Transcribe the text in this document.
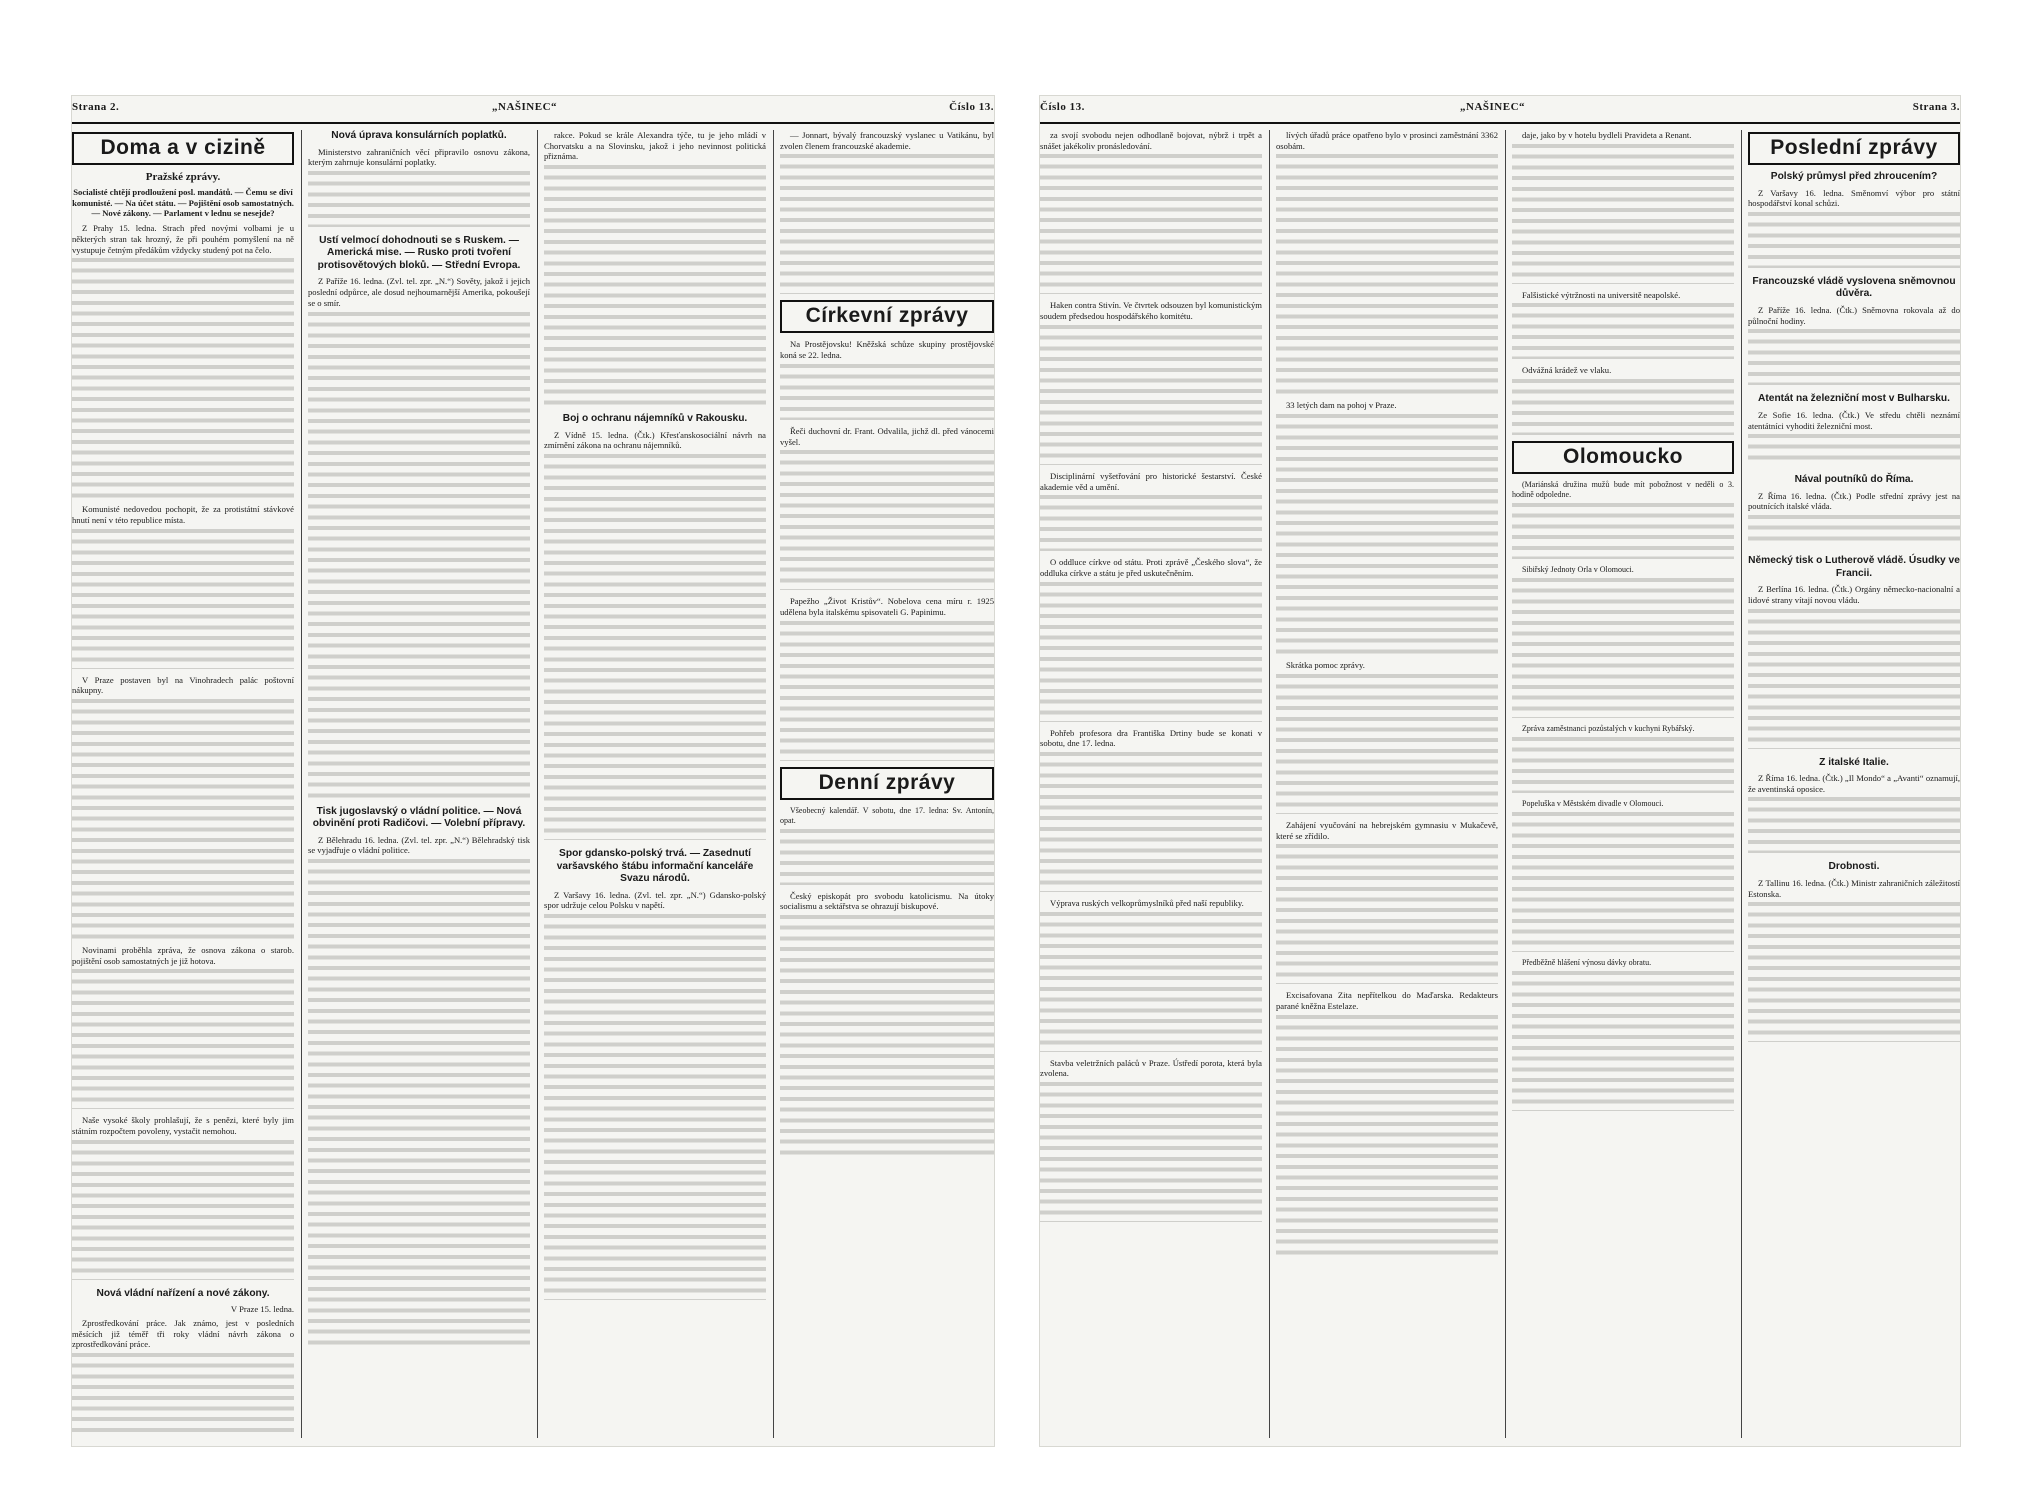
Strana 2.	„NAŠINEC“	Číslo 13.
Doma a v cizině
Pražské zprávy.

Socialisté chtějí prodloužení posl. mandátů. — Čemu se diví komunisté. — Na účet státu. — Pojištění osob samostatných. — Nové zákony. — Parlament v lednu se nesejde?

Z Prahy 15. ledna. Strach před novými volbami je u některých stran tak hrozný, že při pouhém pomyšlení na ně vystupuje četným předákům vždycky studený pot na čelo.

Komunisté nedovedou pochopit, že za protistátní stávkové hnutí není v této republice místa.

V Praze postaven byl na Vinohradech palác poštovní nákupny.

Novinami proběhla zpráva, že osnova zákona o starob. pojištění osob samostatných je již hotova.

Naše vysoké školy prohlašují, že s penězi, které byly jim státním rozpočtem povoleny, vystačit nemohou.

Nová vládní nařízení a nové zákony.

V Praze 15. ledna.

Zprostředkování práce. Jak známo, jest v posledních měsících již téměř tři roky vládní návrh zákona o zprostředkování práce.

Nová úprava konsulárních poplatků.

Ministerstvo zahraničních věcí připravilo osnovu zákona, kterým zahrnuje konsulární poplatky.

Ustí velmocí dohodnouti se s Ruskem. — Americká mise. — Rusko proti tvoření protisovětových bloků. — Střední Evropa.

Z Paříže 16. ledna. (Zvl. tel. zpr. „N.“) Sověty, jakož i jejich poslední odpůrce, ale dosud nejhoumarnější Amerika, pokoušejí se o smír.

Tisk jugoslavský o vládní politice. — Nová obvinění proti Radičovi. — Volební přípravy.

Z Bělehradu 16. ledna. (Zvl. tel. zpr. „N.“) Bělehradský tisk se vyjadřuje o vládní politice.

rakce. Pokud se krále Alexandra týče, tu je jeho mládí v Chorvatsku a na Slovinsku, jakož i jeho nevinnost politická přiznáma.

Boj o ochranu nájemníků v Rakousku.

Z Vídně 15. ledna. (Čtk.) Křesťanskosociální návrh na zmírnění zákona na ochranu nájemníků.

Spor gdansko-polský trvá. — Zasednutí varšavského štábu informační kanceláře Svazu národů.

Z Varšavy 16. ledna. (Zvl. tel. zpr. „N.“) Gdansko-polský spor udržuje celou Polsku v napětí.

— Jonnart, bývalý francouzský vyslanec u Vatikánu, byl zvolen členem francouzské akademie.

Církevní zprávy

Na Prostějovsku! Kněžská schůze skupiny prostějovské koná se 22. ledna.

Řeči duchovní dr. Frant. Odvalila, jichž dl. před vánocemi vyšel.

Papežho „Život Kristův“. Nobelova cena míru r. 1925 udělena byla italskému spisovateli G. Papinimu.

Denní zprávy

Všeobecný kalendář. V sobotu, dne 17. ledna: Sv. Antonín, opat.

Český episkopát pro svobodu katolicismu. Na útoky socialismu a sektářstva se ohrazují biskupové.

Číslo 13.	„NAŠINEC“	Strana 3.

za svojí svobodu nejen odhodlaně bojovat, nýbrž i trpět a snášet jakékoliv pronásledování.

Haken contra Stivín. Ve čtvrtek odsouzen byl komunistickým soudem předsedou hospodářského komitétu.

Disciplinární vyšetřování pro historické šestarství. České akademie věd a umění.

O oddluce církve od státu. Proti zprávě „Českého slova“, že oddluka církve a státu je před uskutečněním.

Pohřeb profesora dra Františka Drtiny bude se konati v sobotu, dne 17. ledna.

Výprava ruských velkoprůmyslníků před naší republiky.

Stavba veletržních paláců v Praze. Ústředí porota, která byla zvolena.

lívých úřadů práce opatřeno bylo v prosinci zaměstnání 3362 osobám.

33 letých dam na pohoj v Praze.

Skrátka pomoc zprávy.

Zahájení vyučování na hebrejském gymnasiu v Mukačevě, které se zřídilo.

Excisafovana Zita nepřítelkou do Maďarska. Redakteurs parané kněžna Estelaze.

daje, jako by v hotelu bydleli Pravideta a Renant.

Falšistické výtržnosti na universitě neapolské.

Odvážná krádež ve vlaku.

Olomoucko

(Mariánská družina mužů bude mít pobožnost v neděli o 3. hodině odpoledne.

Sibiřský Jednoty Orla v Olomouci.

Zpráva zaměstnanci pozůstalých v kuchyni Rybářský.

Popeluška v Městském divadle v Olomouci.

Předběžně hlášení výnosu dávky obratu.

Poslední zprávy
Polský průmysl před zhroucením?

Z Varšavy 16. ledna. Směnomví výbor pro státní hospodářství konal schůzi.

Francouzské vládě vyslovena sněmovnou důvěra.

Z Paříže 16. ledna. (Čtk.) Sněmovna rokovala až do půlnoční hodiny.

Atentát na železniční most v Bulharsku.

Ze Sofie 16. ledna. (Čtk.) Ve středu chtěli neznámí atentátníci vyhoditi železniční most.

Nával poutníků do Říma.

Z Říma 16. ledna. (Čtk.) Podle střední zprávy jest na poutnících italské vláda.

Německý tisk o Lutherově vládě. Úsudky ve Francii.

Z Berlína 16. ledna. (Čtk.) Orgány německo-nacionalní a lidové strany vítají novou vládu.

Z italské Italie.

Z Říma 16. ledna. (Čtk.) „Il Mondo“ a „Avanti“ oznamují, že aventinská oposice.

Drobnosti.

Z Tallinu 16. ledna. (Čtk.) Ministr zahraničních záležitostí Estonska.
